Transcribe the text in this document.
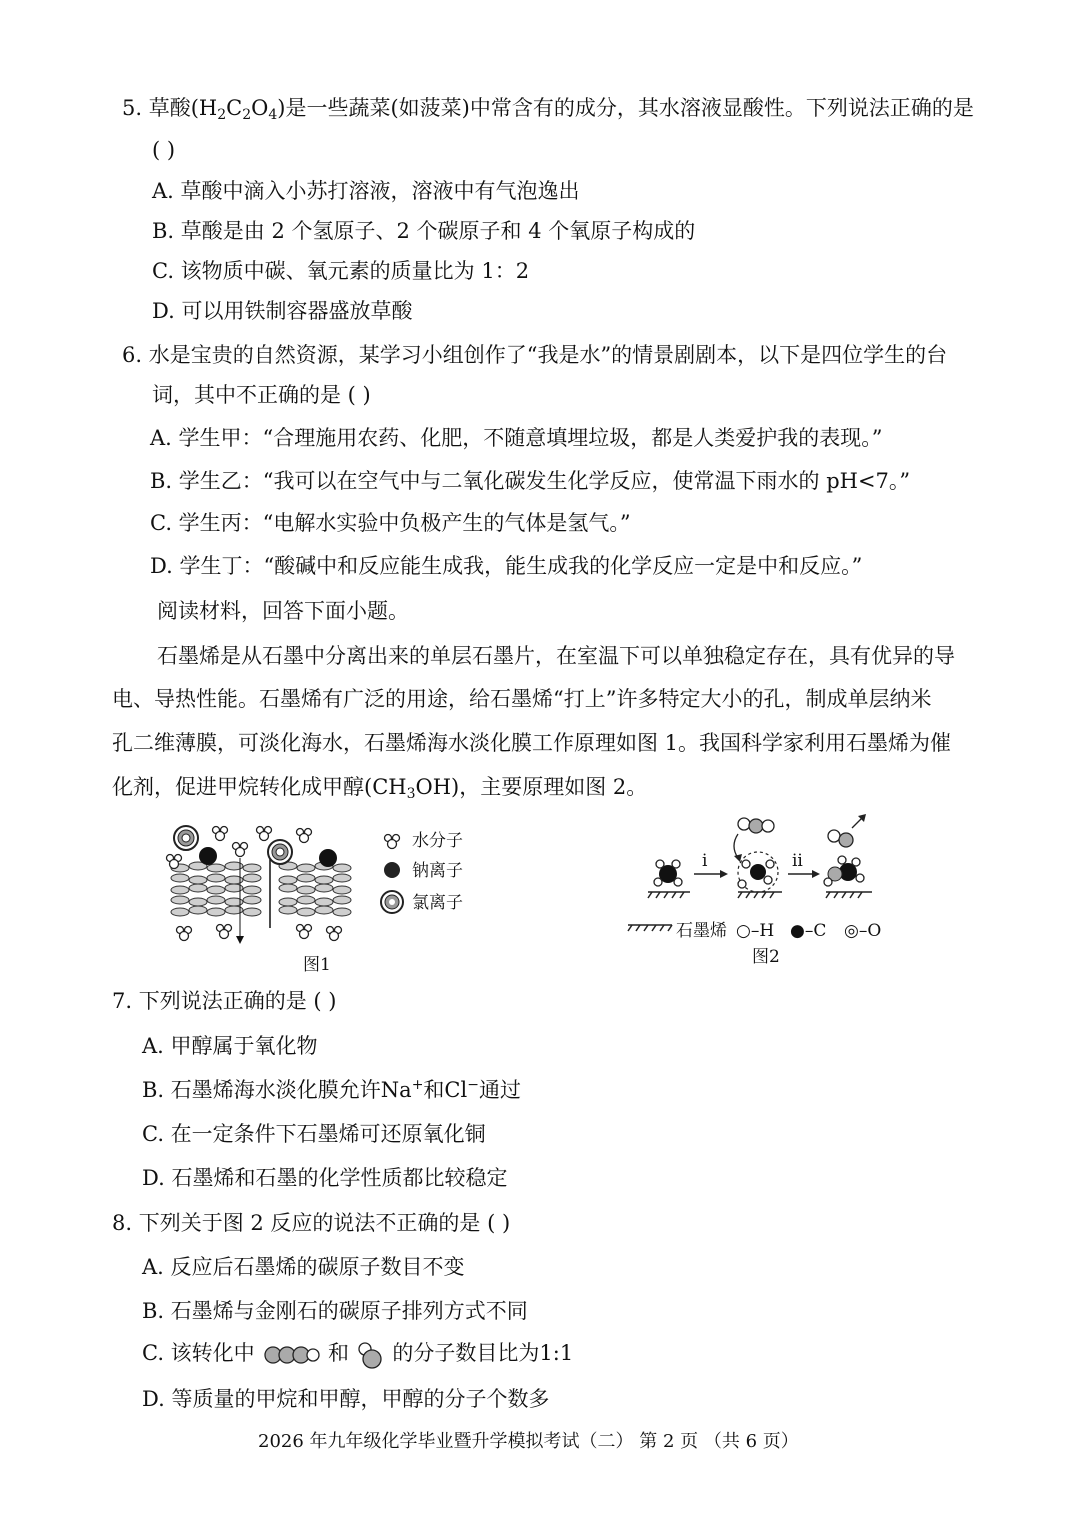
5. 草酸$(H_2C_2O_4)$是一些蔬菜(如菠菜)中常含有的成分，其水溶液显酸性。下列说法正确的是
( )
A. 草酸中滴入小苏打溶液，溶液中有气泡逸出
B. 草酸是由 2 个氢原子、2 个碳原子和 4 个氧原子构成的
C. 该物质中碳、氧元素的质量比为 1：2
D. 可以用铁制容器盛放草酸
6. 水是宝贵的自然资源，某学习小组创作了“我是水”的情景剧剧本，以下是四位学生的台
词，其中不正确的是 ( )
A. 学生甲：“合理施用农药、化肥，不随意填埋垃圾，都是人类爱护我的表现。”
B. 学生乙：“我可以在空气中与二氧化碳发生化学反应，使常温下雨水的 pH<7。”
C. 学生丙：“电解水实验中负极产生的气体是氢气。”
D. 学生丁：“酸碱中和反应能生成我，能生成我的化学反应一定是中和反应。”
阅读材料，回答下面小题。
石墨烯是从石墨中分离出来的单层石墨片，在室温下可以单独稳定存在，具有优异的导
电、导热性能。石墨烯有广泛的用途，给石墨烯“打上”许多特定大小的孔，制成单层纳米
孔二维薄膜，可淡化海水，石墨烯海水淡化膜工作原理如图 1。我国科学家利用石墨烯为催
化剂，促进甲烷转化成甲醇$(CH_3OH)$，主要原理如图 2。
水分子
钠离子
氯离子
图1
i	ii
石墨烯 ○–H ●–C ◎–O
图2
7. 下列说法正确的是 ( )
A. 甲醇属于氧化物
B. 石墨烯海水淡化膜允许Na+和Cl−通过
C. 在一定条件下石墨烯可还原氧化铜
D. 石墨烯和石墨的化学性质都比较稳定
8. 下列关于图 2 反应的说法不正确的是 ( )
A. 反应后石墨烯的碳原子数目不变
B. 石墨烯与金刚石的碳原子排列方式不同
C. 该转化中	和 的分子数目比为1:1
D. 等质量的甲烷和甲醇，甲醇的分子个数多
2026 年九年级化学毕业暨升学模拟考试（二） 第 2 页 （共 6 页）
